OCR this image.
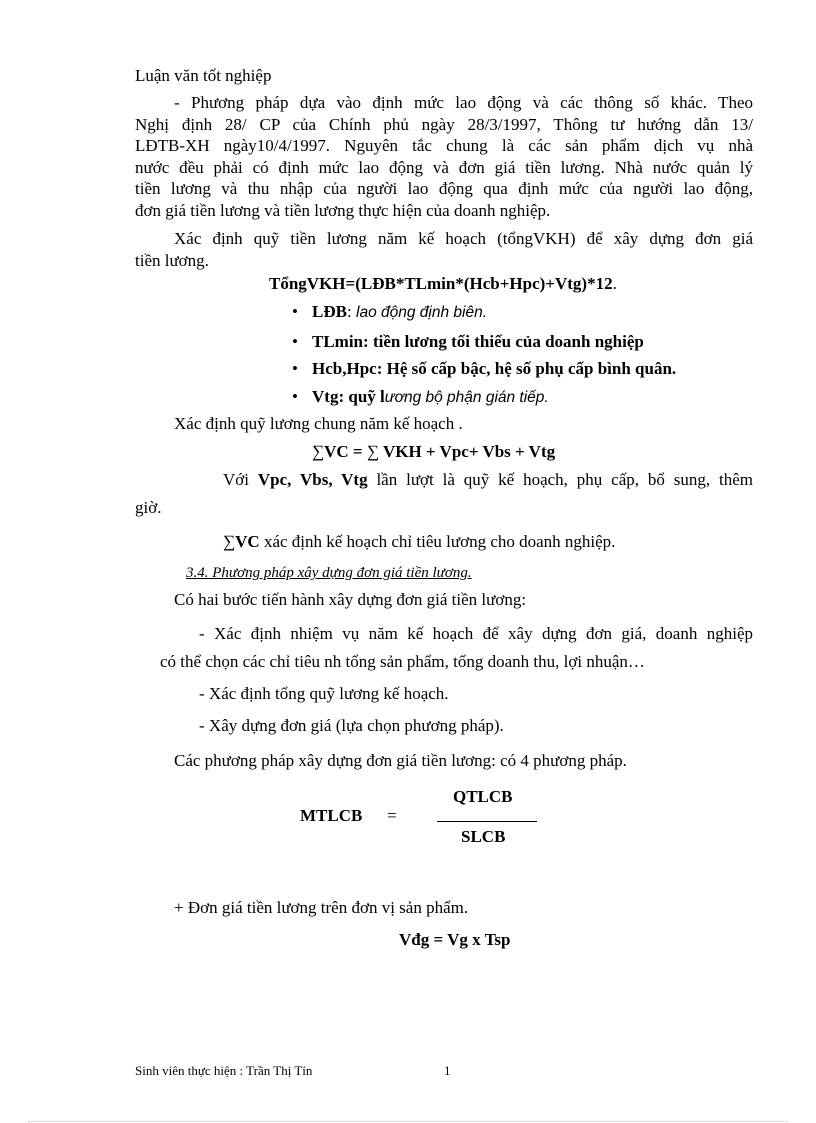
Luận văn tốt nghiệp
- Phương pháp dựa vào định mức lao động và các thông số khác. Theo
Nghị định 28/ CP của Chính phủ ngày 28/3/1997, Thông tư hướng dẫn 13/
LĐTB-XH ngày10/4/1997. Nguyên tắc chung là các sản phẩm dịch vụ nhà
nước đều phải có định mức lao động và đơn giá tiền lương. Nhà nước quản lý
tiền lương và thu nhập của người lao động qua định mức của người lao động,
đơn giá tiền lương và tiền lương thực hiện của doanh nghiệp.
Xác định quỹ tiền lương năm kế hoạch (tổngVKH) để xây dựng đơn giá
tiền lương.
TổngVKH=(LĐB*TLmin*(Hcb+Hpc)+Vtg)*12.
• LĐB: lao động định biên.
• TLmin: tiền lương tối thiểu của doanh nghiệp
• Hcb,Hpc: Hệ số cấp bậc, hệ số phụ cấp bình quân.
• Vtg: quỹ lương bộ phận gián tiếp.
Xác định quỹ lương chung năm kế hoạch .
∑VC = ∑ VKH + Vpc+ Vbs + Vtg
Với Vpc, Vbs, Vtg lần lượt là quỹ kế hoạch, phụ cấp, bổ sung, thêm
giờ.
∑VC xác định kế hoạch chỉ tiêu lương cho doanh nghiệp.
3.4. Phương pháp xây dựng đơn giá tiền lương.
Có hai bước tiến hành xây dựng đơn giá tiền lương:
- Xác định nhiệm vụ năm kế hoạch để xây dựng đơn giá, doanh nghiệp
có thể chọn các chỉ tiêu nh tổng sản phẩm, tổng doanh thu, lợi nhuận…
- Xác định tổng quỹ lương kế hoạch.
- Xây dựng đơn giá (lựa chọn phương pháp).
Các phương pháp xây dựng đơn giá tiền lương: có 4 phương pháp.
MTLCB =
QTLCB
SLCB
+ Đơn giá tiền lương trên đơn vị sản phẩm.
Vđg = Vg x Tsp
Sinh viên thực hiện : Trần Thị Tín	1
